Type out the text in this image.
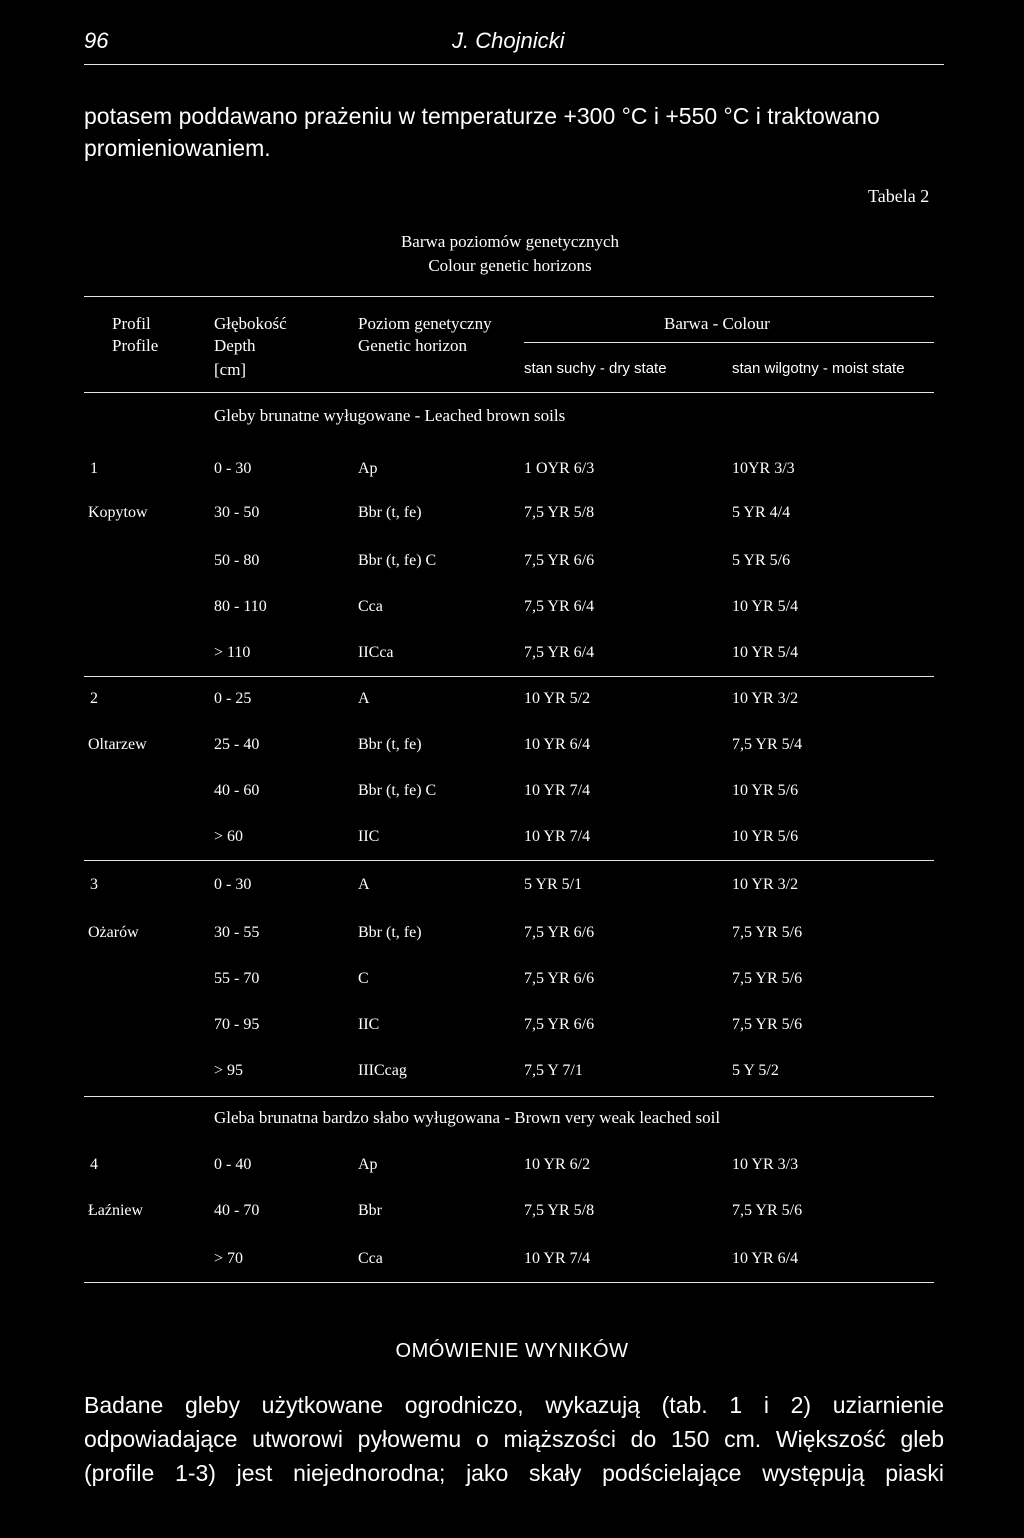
96	J. Chojnicki
potasem poddawano prażeniu w temperaturze +300 °C i +550 °C i traktowano promieniowaniem.
Tabela 2
Barwa poziomów genetycznych
Colour genetic horizons
Profil
Profile
Głębokość
Depth
[cm]
Poziom genetyczny
Genetic horizon
Barwa - Colour
stan suchy - dry state	stan wilgotny - moist state
Gleby brunatne wyługowane - Leached brown soils
1	0 - 30	Ap	1 OYR 6/3	10YR 3/3
Kopytow	30 - 50	Bbr (t, fe)	7,5 YR 5/8	5 YR 4/4
50 - 80	Bbr (t, fe) C	7,5 YR 6/6	5 YR 5/6
80 - 110	Cca	7,5 YR 6/4	10 YR 5/4
> 110	IICca	7,5 YR 6/4	10 YR 5/4
2	0 - 25	A	10 YR 5/2	10 YR 3/2
Oltarzew	25 - 40	Bbr (t, fe)	10 YR 6/4	7,5 YR 5/4
40 - 60	Bbr (t, fe) C	10 YR 7/4	10 YR 5/6
> 60	IIC	10 YR 7/4	10 YR 5/6
3	0 - 30	A	5 YR 5/1	10 YR 3/2
Ożarów	30 - 55	Bbr (t, fe)	7,5 YR 6/6	7,5 YR 5/6
55 - 70	C	7,5 YR 6/6	7,5 YR 5/6
70 - 95	IIC	7,5 YR 6/6	7,5 YR 5/6
> 95	IIICcag	7,5 Y 7/1	5 Y 5/2
Gleba brunatna bardzo słabo wyługowana - Brown very weak leached soil
4	0 - 40	Ap	10 YR 6/2	10 YR 3/3
Łaźniew	40 - 70	Bbr	7,5 YR 5/8	7,5 YR 5/6
> 70	Cca	10 YR 7/4	10 YR 6/4
OMÓWIENIE WYNIKÓW
Badane gleby użytkowane ogrodniczo, wykazują (tab. 1 i 2) uziarnienie
odpowiadające utworowi pyłowemu o miąższości do 150 cm. Większość gleb
(profile 1-3) jest niejednorodna; jako skały podścielające występują piaski
